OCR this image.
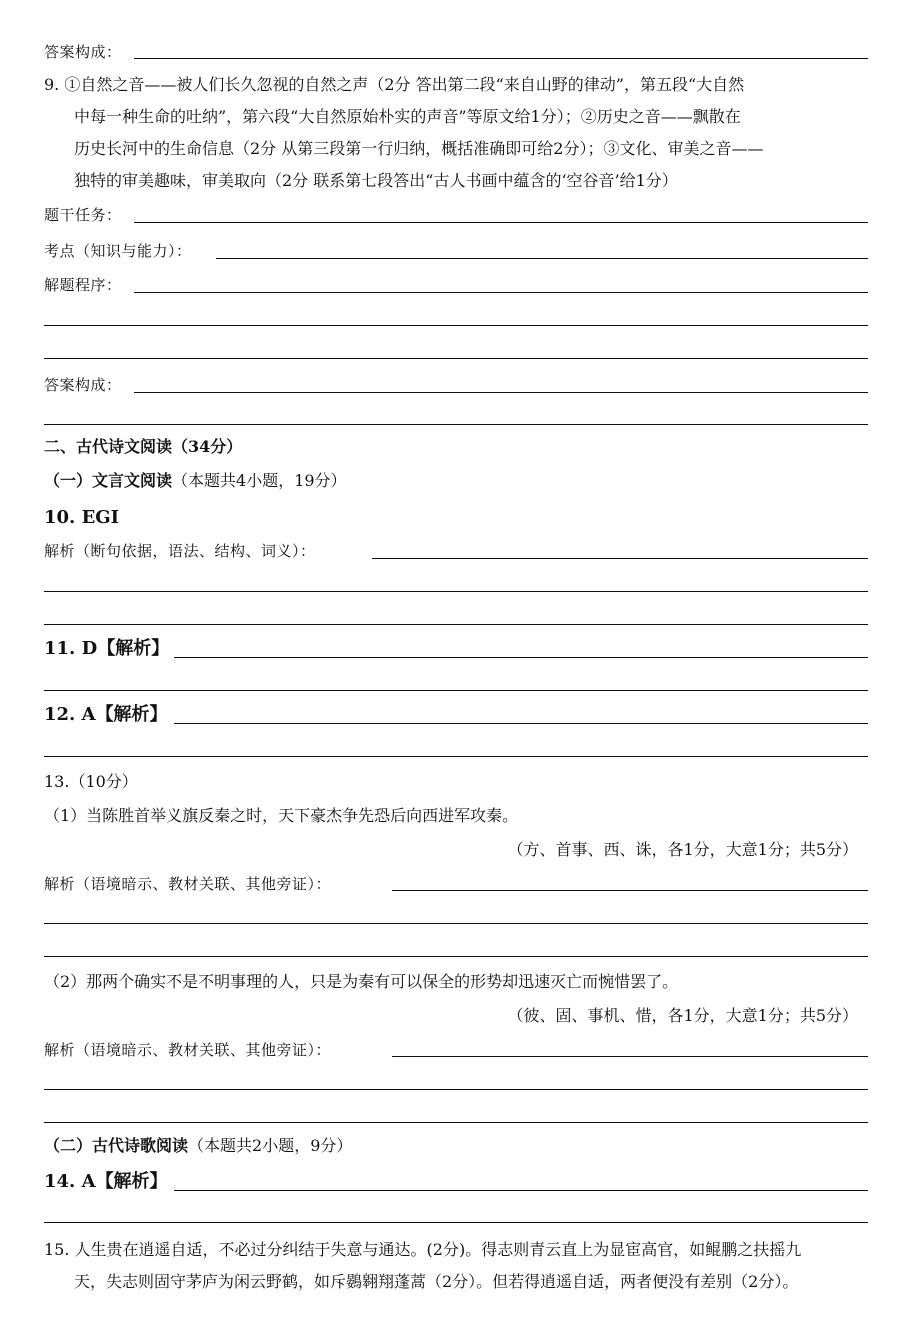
答案构成：
9. ①自然之音——被人们长久忽视的自然之声（2分 答出第二段“来自山野的律动”，第五段“大自然
中每一种生命的吐纳”，第六段“大自然原始朴实的声音”等原文给1分）；②历史之音——飘散在
历史长河中的生命信息（2分 从第三段第一行归纳，概括准确即可给2分）；③文化、审美之音——
独特的审美趣味，审美取向（2分 联系第七段答出“古人书画中蕴含的‘空谷音’给1分）
题干任务：
考点（知识与能力）：
解题程序：
答案构成：
二、古代诗文阅读（34分）
（一）文言文阅读（本题共4小题，19分）
10. EGI
解析（断句依据，语法、结构、词义）：
11. D【解析】
12. A【解析】
13.（10分）
（1）当陈胜首举义旗反秦之时，天下豪杰争先恐后向西进军攻秦。
（方、首事、西、诛，各1分，大意1分；共5分）
解析（语境暗示、教材关联、其他旁证）：
（2）那两个确实不是不明事理的人，只是为秦有可以保全的形势却迅速灭亡而惋惜罢了。
（彼、固、事机、惜，各1分，大意1分；共5分）
解析（语境暗示、教材关联、其他旁证）：
（二）古代诗歌阅读（本题共2小题，9分）
14. A【解析】
15. 人生贵在逍遥自适，不必过分纠结于失意与通达。(2分)。得志则青云直上为显宦高官，如鲲鹏之扶摇九
天，失志则固守茅庐为闲云野鹤，如斥鷃翱翔蓬蒿（2分）。但若得逍遥自适，两者便没有差别（2分）。
